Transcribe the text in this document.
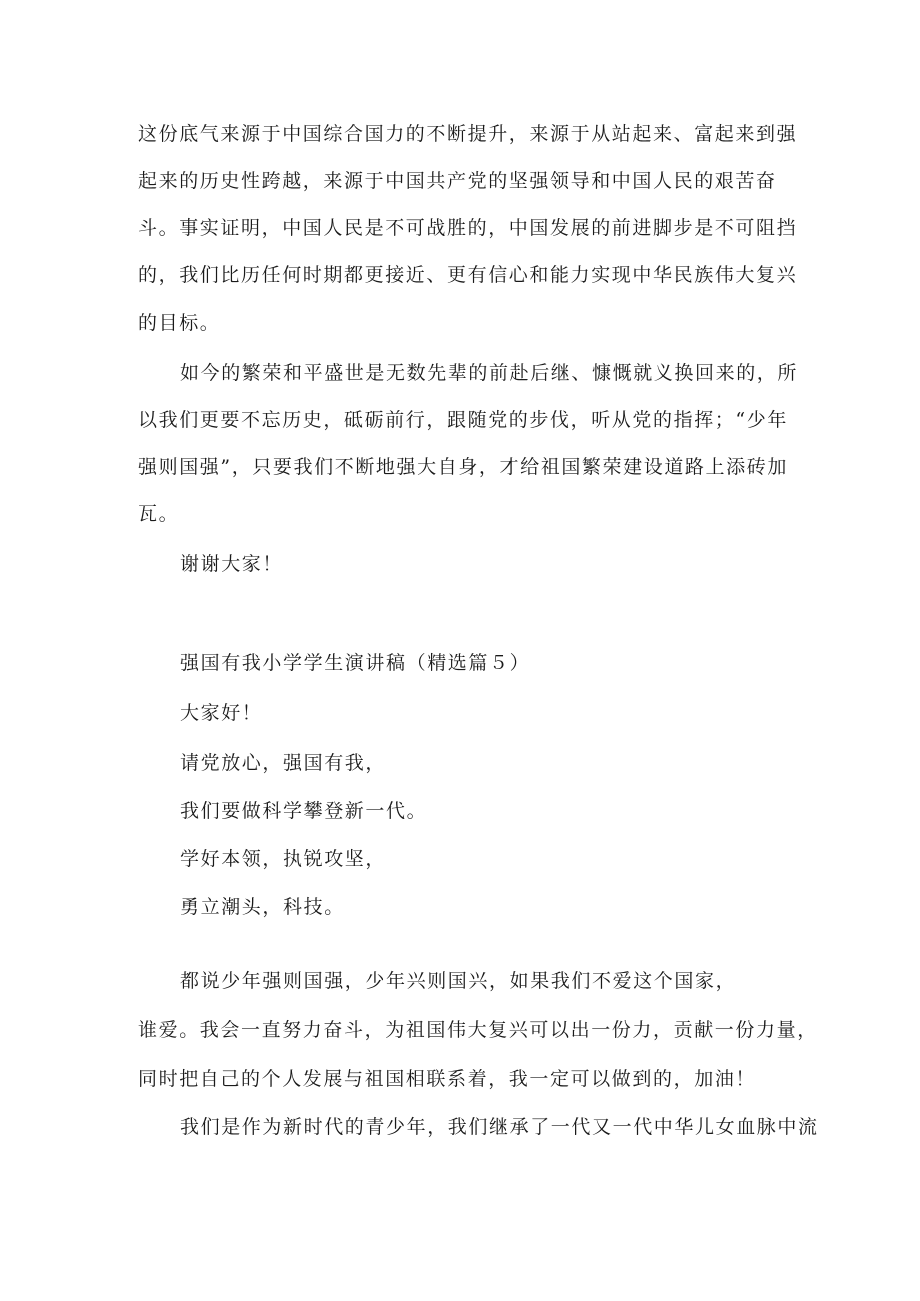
这份底气来源于中国综合国力的不断提升，来源于从站起来、富起来到强
起来的历史性跨越，来源于中国共产党的坚强领导和中国人民的艰苦奋
斗。事实证明，中国人民是不可战胜的，中国发展的前进脚步是不可阻挡
的，我们比历任何时期都更接近、更有信心和能力实现中华民族伟大复兴
的目标。
如今的繁荣和平盛世是无数先辈的前赴后继、慷慨就义换回来的，所
以我们更要不忘历史，砥砺前行，跟随党的步伐，听从党的指挥；“少年
强则国强”，只要我们不断地强大自身，才给祖国繁荣建设道路上添砖加
瓦。
谢谢大家！
强国有我小学学生演讲稿（精选篇５）
大家好！
请党放心，强国有我，
我们要做科学攀登新一代。
学好本领，执锐攻坚，
勇立潮头，科技。
都说少年强则国强，少年兴则国兴，如果我们不爱这个国家，
谁爱。我会一直努力奋斗，为祖国伟大复兴可以出一份力，贡献一份力量，
同时把自己的个人发展与祖国相联系着，我一定可以做到的，加油！
我们是作为新时代的青少年，我们继承了一代又一代中华儿女血脉中流
